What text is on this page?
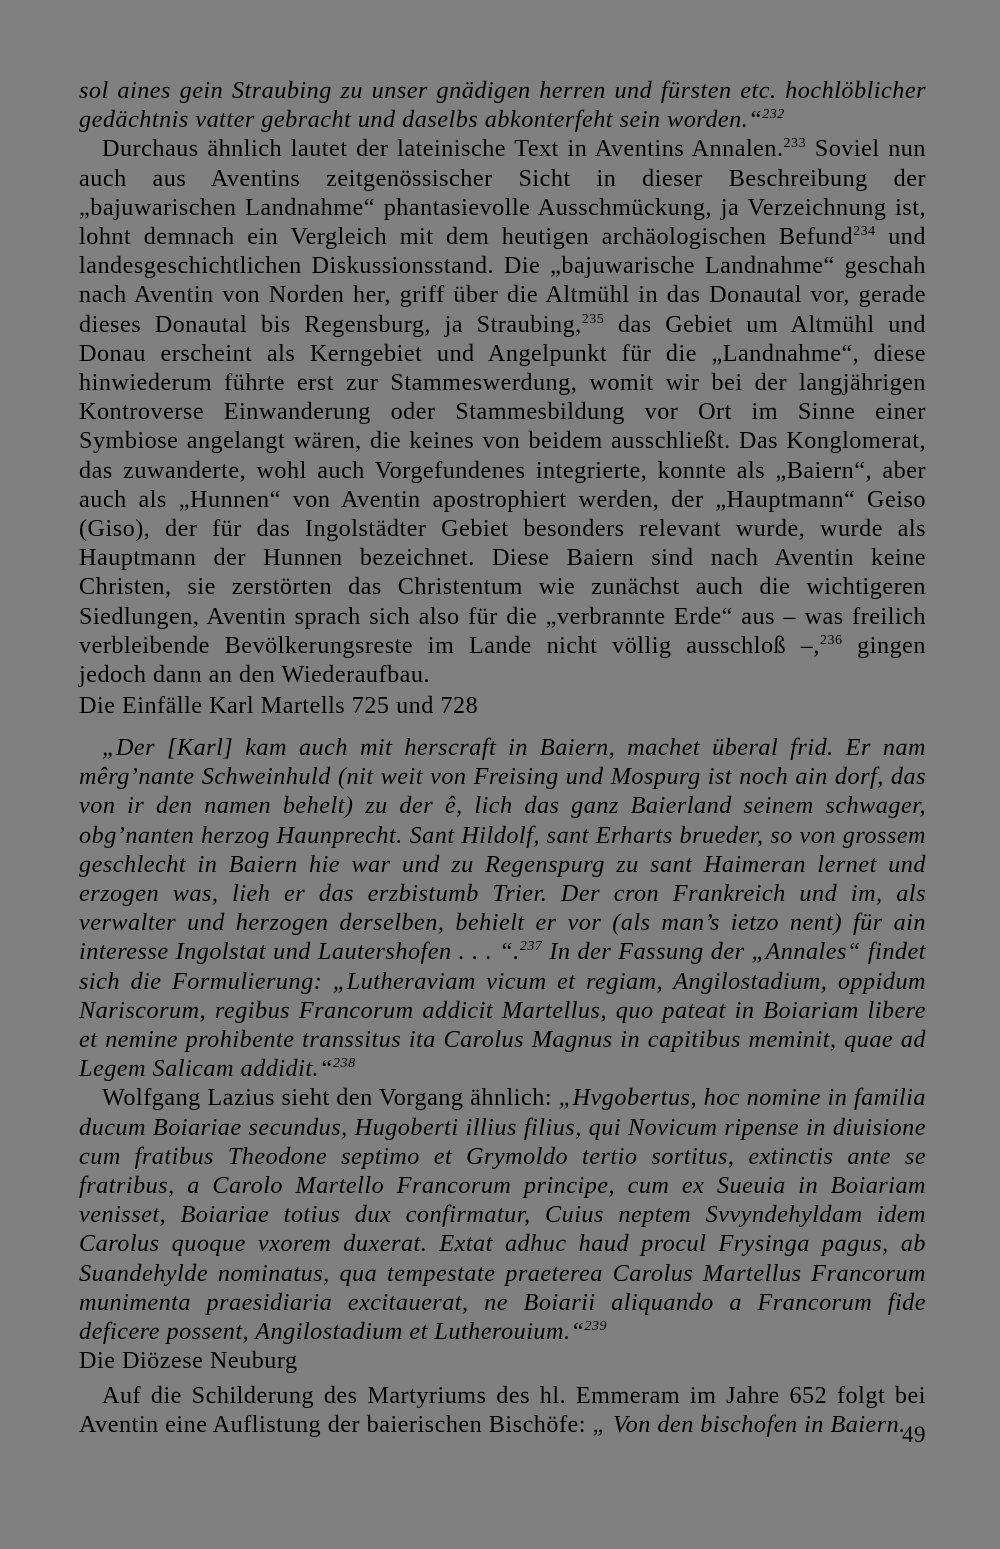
sol aines gein Straubing zu unser gnädigen herren und fürsten etc. hochlöblicher gedächtnis vatter gebracht und daselbs abkonterfeht sein worden.“$^{232}$

Durchaus ähnlich lautet der lateinische Text in Aventins Annalen.$^{233}$ Soviel nun auch aus Aventins zeitgenössischer Sicht in dieser Beschreibung der „bajuwarischen Landnahme“ phantasievolle Ausschmückung, ja Verzeichnung ist, lohnt demnach ein Vergleich mit dem heutigen archäologischen Befund$^{234}$ und landesgeschichtlichen Diskussionsstand. Die „bajuwarische Landnahme“ geschah nach Aventin von Norden her, griff über die Altmühl in das Donautal vor, gerade dieses Donautal bis Regensburg, ja Straubing,$^{235}$ das Gebiet um Altmühl und Donau erscheint als Kerngebiet und Angelpunkt für die „Landnahme“, diese hinwiederum führte erst zur Stammeswerdung, womit wir bei der langjährigen Kontroverse Einwanderung oder Stammesbildung vor Ort im Sinne einer Symbiose angelangt wären, die keines von beidem ausschließt. Das Konglomerat, das zuwanderte, wohl auch Vorgefundenes integrierte, konnte als „Baiern“, aber auch als „Hunnen“ von Aventin apostrophiert werden, der „Hauptmann“ Geiso (Giso), der für das Ingolstädter Gebiet besonders relevant wurde, wurde als Hauptmann der Hunnen bezeichnet. Diese Baiern sind nach Aventin keine Christen, sie zerstörten das Christentum wie zunächst auch die wichtigeren Siedlungen, Aventin sprach sich also für die „verbrannte Erde“ aus – was freilich verbleibende Bevölkerungsreste im Lande nicht völlig ausschloß –,$^{236}$ gingen jedoch dann an den Wiederaufbau.

Die Einfälle Karl Martells 725 und 728

„Der [Karl] kam auch mit herscraft in Baiern, machet überal frid. Er nam mêrg’nante Schweinhuld (nit weit von Freising und Mospurg ist noch ain dorf, das von ir den namen behelt) zu der ê, lich das ganz Baierland seinem schwager, obg’nanten herzog Haunprecht. Sant Hildolf, sant Erharts brueder, so von grossem geschlecht in Baiern hie war und zu Regenspurg zu sant Haimeran lernet und erzogen was, lieh er das erzbistumb Trier. Der cron Frankreich und im, als verwalter und herzogen derselben, behielt er vor (als man’s ietzo nent) für ain interesse Ingolstat und Lautershofen . . . “.$^{237}$ In der Fassung der „Annales“ findet sich die Formulierung: „Lutheraviam vicum et regiam, Angilostadium, oppidum Nariscorum, regibus Francorum addicit Martellus, quo pateat in Boiariam libere et nemine prohibente transsitus ita Carolus Magnus in capitibus meminit, quae ad Legem Salicam addidit.“$^{238}$

Wolfgang Lazius sieht den Vorgang ähnlich: „Hvgobertus, hoc nomine in familia ducum Boiariae secundus, Hugoberti illius filius, qui Novicum ripense in diuisione cum fratibus Theodone septimo et Grymoldo tertio sortitus, extinctis ante se fratribus, a Carolo Martello Francorum principe, cum ex Sueuia in Boiariam venisset, Boiariae totius dux confirmatur, Cuius neptem Svvyndehyldam idem Carolus quoque vxorem duxerat. Extat adhuc haud procul Frysinga pagus, ab Suandehylde nominatus, qua tempestate praeterea Carolus Martellus Francorum munimenta praesidiaria excitauerat, ne Boiarii aliquando a Francorum fide deficere possent, Angilostadium et Lutherouium.“$^{239}$

Die Diözese Neuburg

Auf die Schilderung des Martyriums des hl. Emmeram im Jahre 652 folgt bei Aventin eine Auflistung der baierischen Bischöfe: „ Von den bischofen in Baiern.

49
